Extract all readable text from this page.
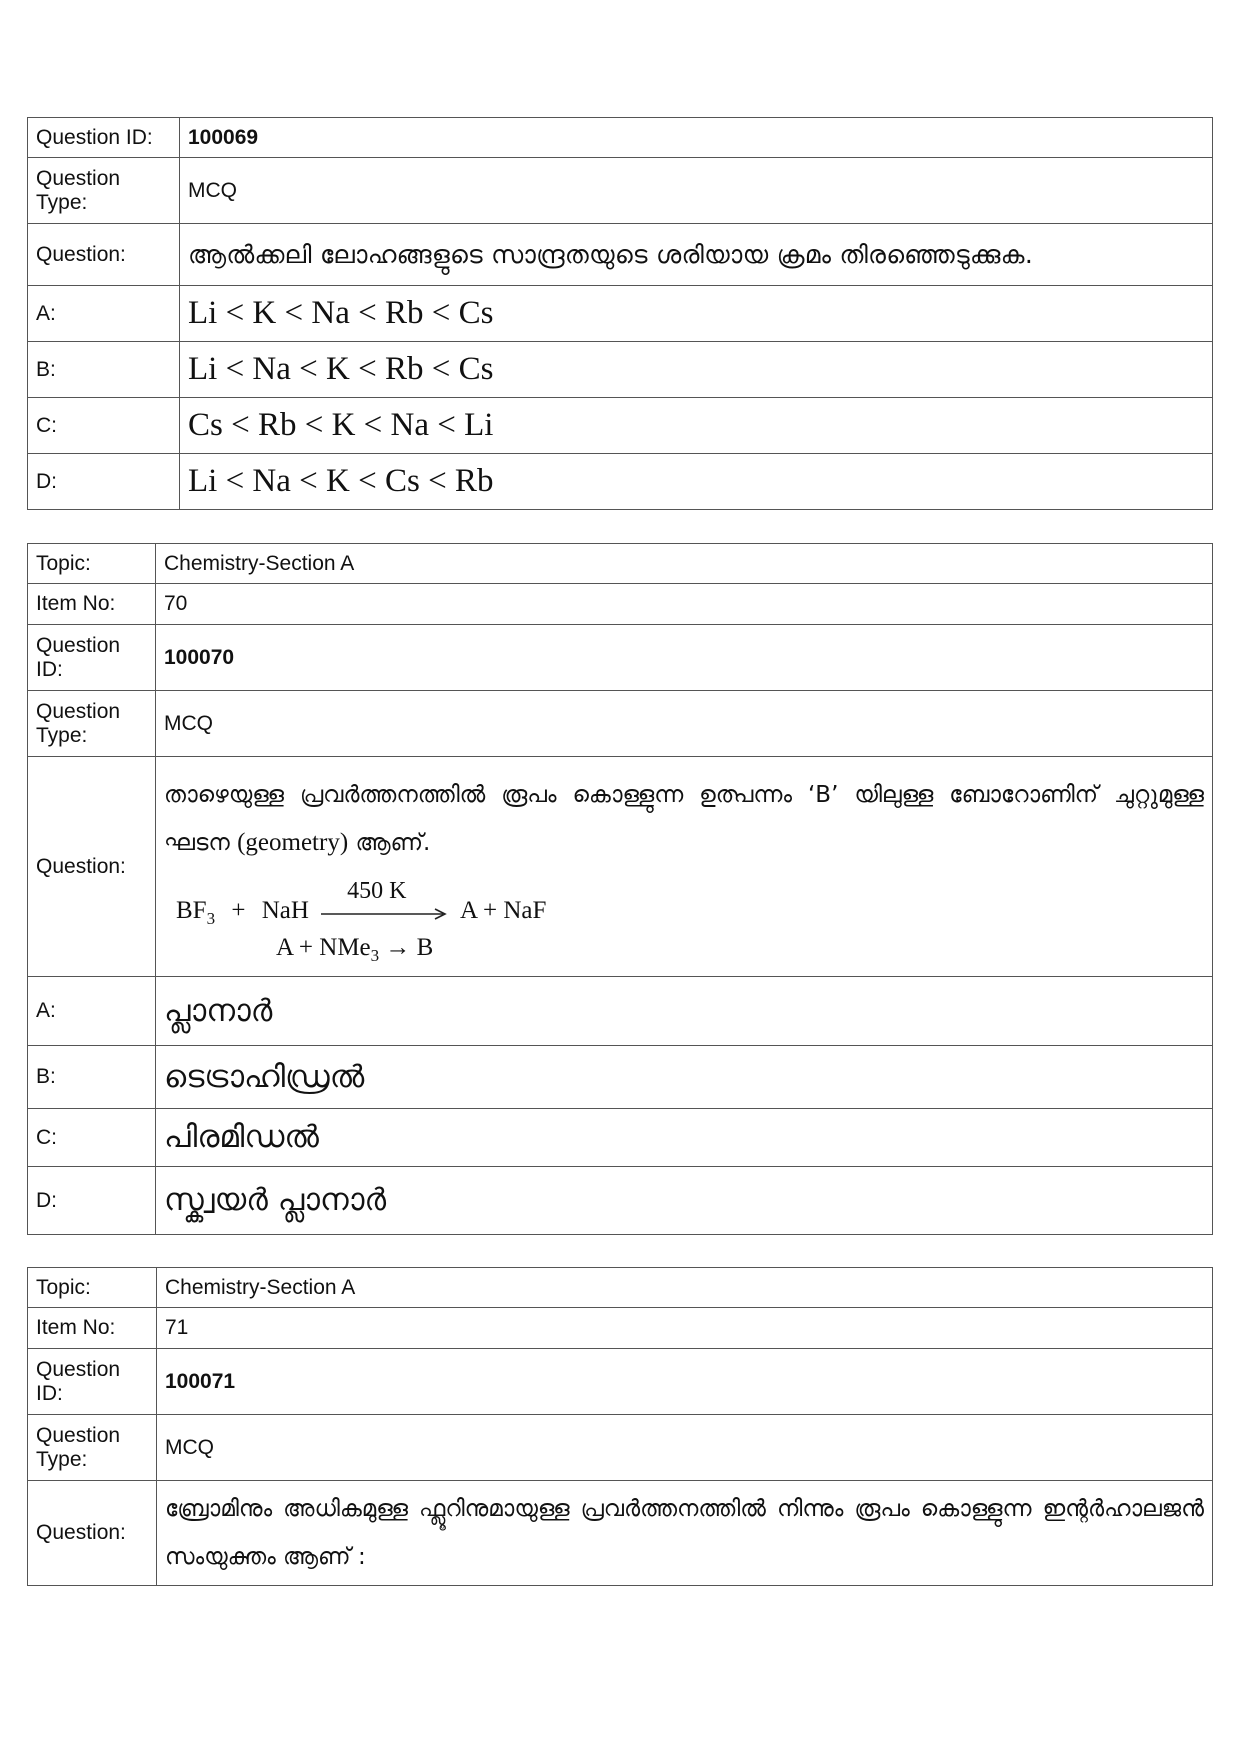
Question ID:	100069
Question Type:	MCQ
Question:	ആൽക്കലി ലോഹങ്ങളുടെ സാന്ദ്രതയുടെ ശരിയായ ക്രമം തിരഞ്ഞെടുക്കുക.
A:	Li < K < Na < Rb < Cs
B:	Li < Na < K < Rb < Cs
C:	Cs < Rb < K < Na < Li
D:	Li < Na < K < Cs < Rb
Topic:	Chemistry-Section A
Item No:	70
Question ID:	100070
Question Type:	MCQ
Question:	താഴെയുള്ള പ്രവർത്തനത്തിൽ രൂപം കൊള്ളുന്ന ഉത്പന്നം ‘B’ യിലുള്ള ബോറോണിന് ചുറ്റുമുള്ള ഘടന (geometry) ആണ്.
$BF_3$ + NaH
450 K
A + NaF
A + NMe$_3$ → B

A:	പ്ലാനാർ
B:	ടെട്രാഹിഡ്രൽ
C:	പിരമിഡൽ
D:	സ്ക്വയർ പ്ലാനാർ
Topic:	Chemistry-Section A
Item No:	71
Question ID:	100071
Question Type:	MCQ
Question:	ബ്രോമിനും അധികമുള്ള ഫ്ലൂറിനുമായുള്ള പ്രവർത്തനത്തിൽ നിന്നും രൂപം കൊള്ളുന്ന ഇന്റർഹാലജൻ സംയുക്തം ആണ് :
